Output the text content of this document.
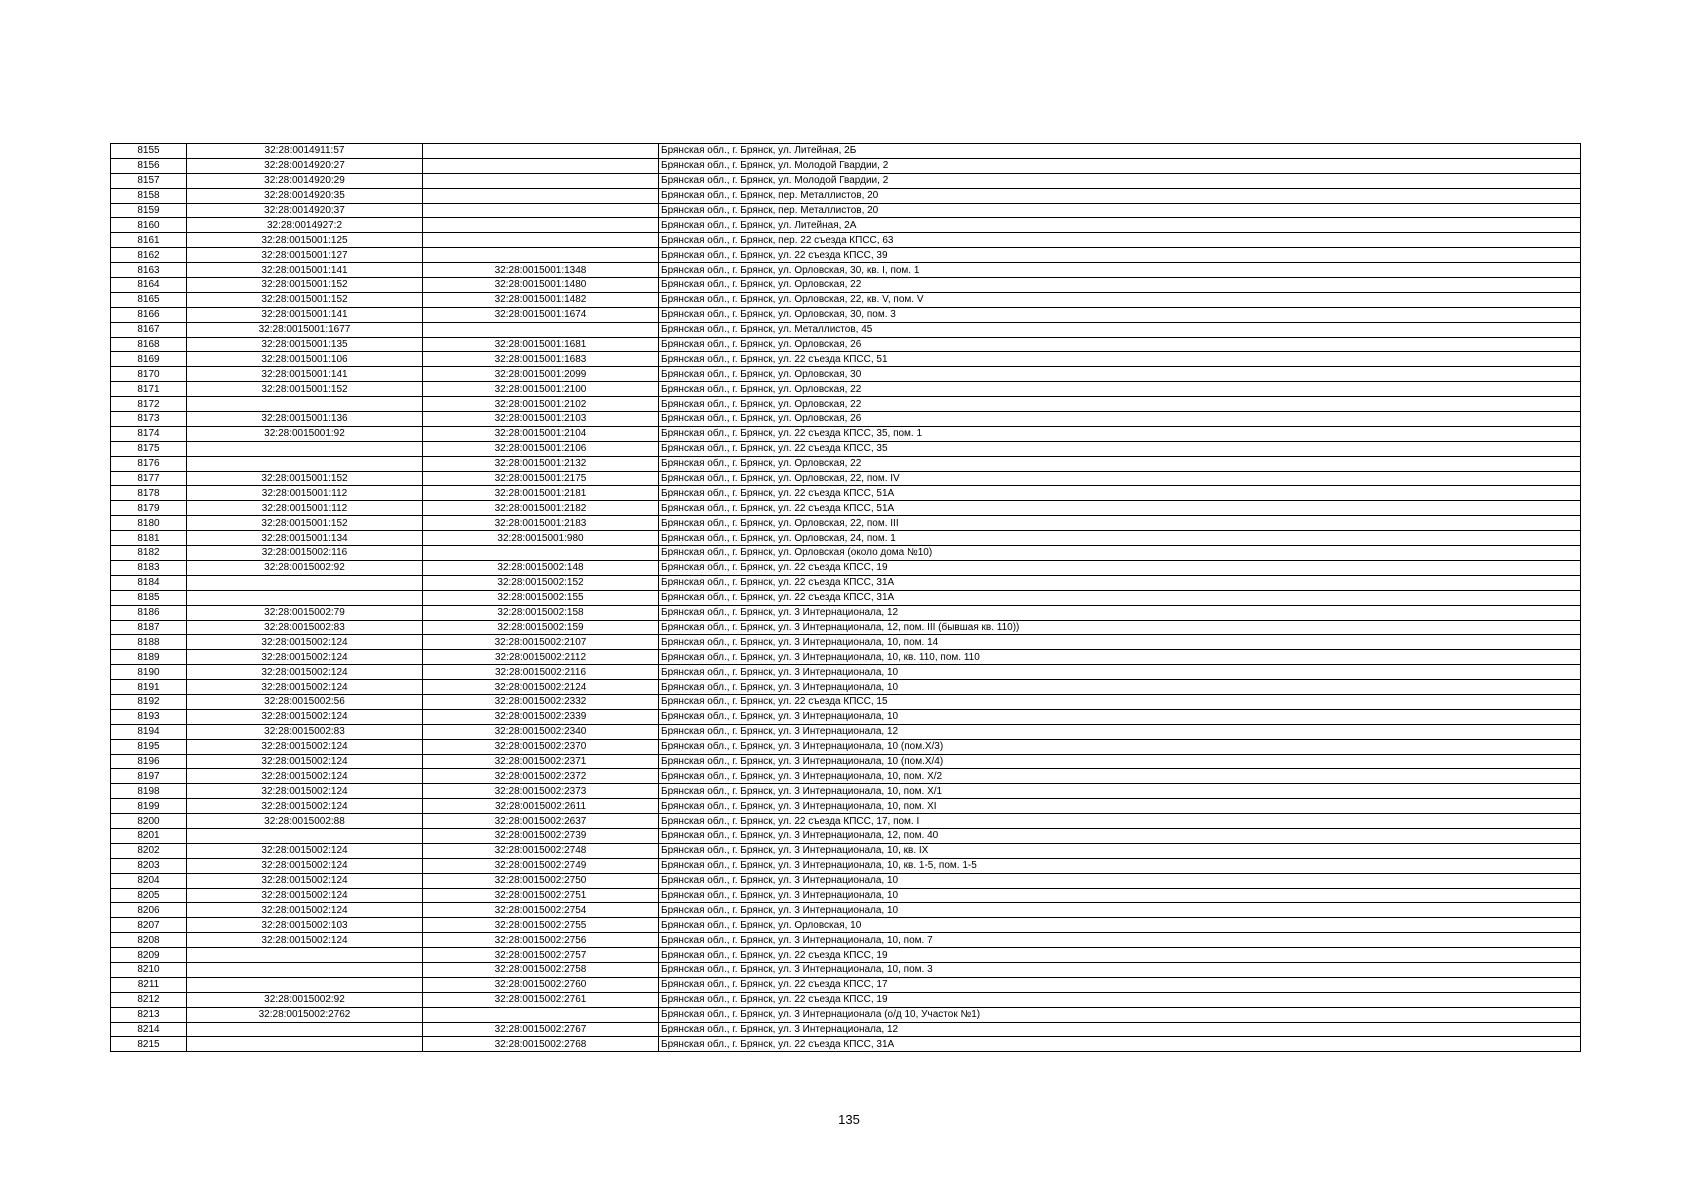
8155	32:28:0014911:57		Брянская обл., г. Брянск, ул. Литейная, 2Б
8156	32:28:0014920:27		Брянская обл., г. Брянск, ул. Молодой Гвардии, 2
8157	32:28:0014920:29		Брянская обл., г. Брянск, ул. Молодой Гвардии, 2
8158	32:28:0014920:35		Брянская обл., г. Брянск, пер. Металлистов, 20
8159	32:28:0014920:37		Брянская обл., г. Брянск, пер. Металлистов, 20
8160	32:28:0014927:2		Брянская обл., г. Брянск, ул. Литейная, 2А
8161	32:28:0015001:125		Брянская обл., г. Брянск, пер. 22 съезда КПСС, 63
8162	32:28:0015001:127		Брянская обл., г. Брянск, ул. 22 съезда КПСС, 39
8163	32:28:0015001:141	32:28:0015001:1348	Брянская обл., г. Брянск, ул. Орловская, 30, кв. I, пом. 1
8164	32:28:0015001:152	32:28:0015001:1480	Брянская обл., г. Брянск, ул. Орловская, 22
8165	32:28:0015001:152	32:28:0015001:1482	Брянская обл., г. Брянск, ул. Орловская, 22, кв. V, пом. V
8166	32:28:0015001:141	32:28:0015001:1674	Брянская обл., г. Брянск, ул. Орловская, 30, пом. 3
8167	32:28:0015001:1677		Брянская обл., г. Брянск, ул. Металлистов, 45
8168	32:28:0015001:135	32:28:0015001:1681	Брянская обл., г. Брянск, ул. Орловская, 26
8169	32:28:0015001:106	32:28:0015001:1683	Брянская обл., г. Брянск, ул. 22 съезда КПСС, 51
8170	32:28:0015001:141	32:28:0015001:2099	Брянская обл., г. Брянск, ул. Орловская, 30
8171	32:28:0015001:152	32:28:0015001:2100	Брянская обл., г. Брянск, ул. Орловская, 22
8172		32:28:0015001:2102	Брянская обл., г. Брянск, ул. Орловская, 22
8173	32:28:0015001:136	32:28:0015001:2103	Брянская обл., г. Брянск, ул. Орловская, 26
8174	32:28:0015001:92	32:28:0015001:2104	Брянская обл., г. Брянск, ул. 22 съезда КПСС, 35, пом. 1
8175		32:28:0015001:2106	Брянская обл., г. Брянск, ул. 22 съезда КПСС, 35
8176		32:28:0015001:2132	Брянская обл., г. Брянск, ул. Орловская, 22
8177	32:28:0015001:152	32:28:0015001:2175	Брянская обл., г. Брянск, ул. Орловская, 22, пом. IV
8178	32:28:0015001:112	32:28:0015001:2181	Брянская обл., г. Брянск, ул. 22 съезда КПСС, 51А
8179	32:28:0015001:112	32:28:0015001:2182	Брянская обл., г. Брянск, ул. 22 съезда КПСС, 51А
8180	32:28:0015001:152	32:28:0015001:2183	Брянская обл., г. Брянск, ул. Орловская, 22, пом. III
8181	32:28:0015001:134	32:28:0015001:980	Брянская обл., г. Брянск, ул. Орловская, 24, пом. 1
8182	32:28:0015002:116		Брянская обл., г. Брянск, ул. Орловская (около дома №10)
8183	32:28:0015002:92	32:28:0015002:148	Брянская обл., г. Брянск, ул. 22 съезда КПСС, 19
8184		32:28:0015002:152	Брянская обл., г. Брянск, ул. 22 съезда КПСС, 31А
8185		32:28:0015002:155	Брянская обл., г. Брянск, ул. 22 съезда КПСС, 31А
8186	32:28:0015002:79	32:28:0015002:158	Брянская обл., г. Брянск, ул. 3 Интернационала, 12
8187	32:28:0015002:83	32:28:0015002:159	Брянская обл., г. Брянск, ул. 3 Интернационала, 12, пом. III (бывшая кв. 110))
8188	32:28:0015002:124	32:28:0015002:2107	Брянская обл., г. Брянск, ул. 3 Интернационала, 10, пом. 14
8189	32:28:0015002:124	32:28:0015002:2112	Брянская обл., г. Брянск, ул. 3 Интернационала, 10, кв. 110, пом. 110
8190	32:28:0015002:124	32:28:0015002:2116	Брянская обл., г. Брянск, ул. 3 Интернационала, 10
8191	32:28:0015002:124	32:28:0015002:2124	Брянская обл., г. Брянск, ул. 3 Интернационала, 10
8192	32:28:0015002:56	32:28:0015002:2332	Брянская обл., г. Брянск, ул. 22 съезда КПСС, 15
8193	32:28:0015002:124	32:28:0015002:2339	Брянская обл., г. Брянск, ул. 3 Интернационала, 10
8194	32:28:0015002:83	32:28:0015002:2340	Брянская обл., г. Брянск, ул. 3 Интернационала, 12
8195	32:28:0015002:124	32:28:0015002:2370	Брянская обл., г. Брянск, ул. 3 Интернационала, 10 (пом.X/3)
8196	32:28:0015002:124	32:28:0015002:2371	Брянская обл., г. Брянск, ул. 3 Интернационала, 10 (пом.X/4)
8197	32:28:0015002:124	32:28:0015002:2372	Брянская обл., г. Брянск, ул. 3 Интернационала, 10, пом. X/2
8198	32:28:0015002:124	32:28:0015002:2373	Брянская обл., г. Брянск, ул. 3 Интернационала, 10, пом. X/1
8199	32:28:0015002:124	32:28:0015002:2611	Брянская обл., г. Брянск, ул. 3 Интернационала, 10, пом. XI
8200	32:28:0015002:88	32:28:0015002:2637	Брянская обл., г. Брянск, ул. 22 съезда КПСС, 17, пом. I
8201		32:28:0015002:2739	Брянская обл., г. Брянск, ул. 3 Интернационала, 12, пом. 40
8202	32:28:0015002:124	32:28:0015002:2748	Брянская обл., г. Брянск, ул. 3 Интернационала, 10, кв. IX
8203	32:28:0015002:124	32:28:0015002:2749	Брянская обл., г. Брянск, ул. 3 Интернационала, 10, кв. 1-5, пом. 1-5
8204	32:28:0015002:124	32:28:0015002:2750	Брянская обл., г. Брянск, ул. 3 Интернационала, 10
8205	32:28:0015002:124	32:28:0015002:2751	Брянская обл., г. Брянск, ул. 3 Интернационала, 10
8206	32:28:0015002:124	32:28:0015002:2754	Брянская обл., г. Брянск, ул. 3 Интернационала, 10
8207	32:28:0015002:103	32:28:0015002:2755	Брянская обл., г. Брянск, ул. Орловская, 10
8208	32:28:0015002:124	32:28:0015002:2756	Брянская обл., г. Брянск, ул. 3 Интернационала, 10, пом. 7
8209		32:28:0015002:2757	Брянская обл., г. Брянск, ул. 22 съезда КПСС, 19
8210		32:28:0015002:2758	Брянская обл., г. Брянск, ул. 3 Интернационала, 10, пом. 3
8211		32:28:0015002:2760	Брянская обл., г. Брянск, ул. 22 съезда КПСС, 17
8212	32:28:0015002:92	32:28:0015002:2761	Брянская обл., г. Брянск, ул. 22 съезда КПСС, 19
8213	32:28:0015002:2762		Брянская обл., г. Брянск, ул. 3 Интернационала (о/д 10, Участок №1)
8214		32:28:0015002:2767	Брянская обл., г. Брянск, ул. 3 Интернационала, 12
8215		32:28:0015002:2768	Брянская обл., г. Брянск, ул. 22 съезда КПСС, 31А
135
